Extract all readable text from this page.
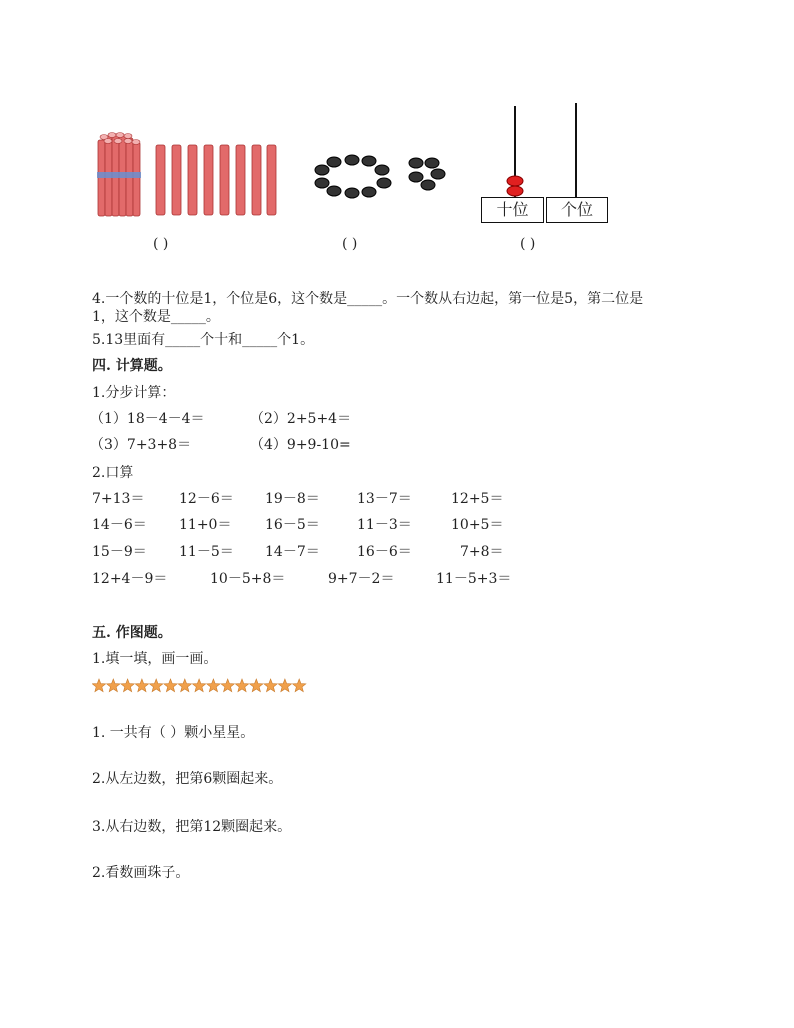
十位	个位
( )	( )	( )
4.一个数的十位是1，个位是6，这个数是_____。一个数从右边起，第一位是5，第二位是
1，这个数是_____。
5.13里面有_____个十和_____个1。
四. 计算题。
1.分步计算：
（1）18－4－4＝	（2）2+5+4＝
（3）7+3+8＝	（4）9+9-10=
2.口算
7+13＝ 12－6＝ 19－8＝	13－7＝	12+5＝
14－6＝ 11+0＝ 16－5＝	11－3＝	10+5＝
15－9＝ 11－5＝ 14－7＝	16－6＝	7+8＝
12+4－9＝	10－5+8＝	9+7－2＝	11－5+3＝
五. 作图题。
1.填一填，画一画。
1. 一共有（ ）颗小星星。
2.从左边数，把第6颗圈起来。
3.从右边数，把第12颗圈起来。
2.看数画珠子。
